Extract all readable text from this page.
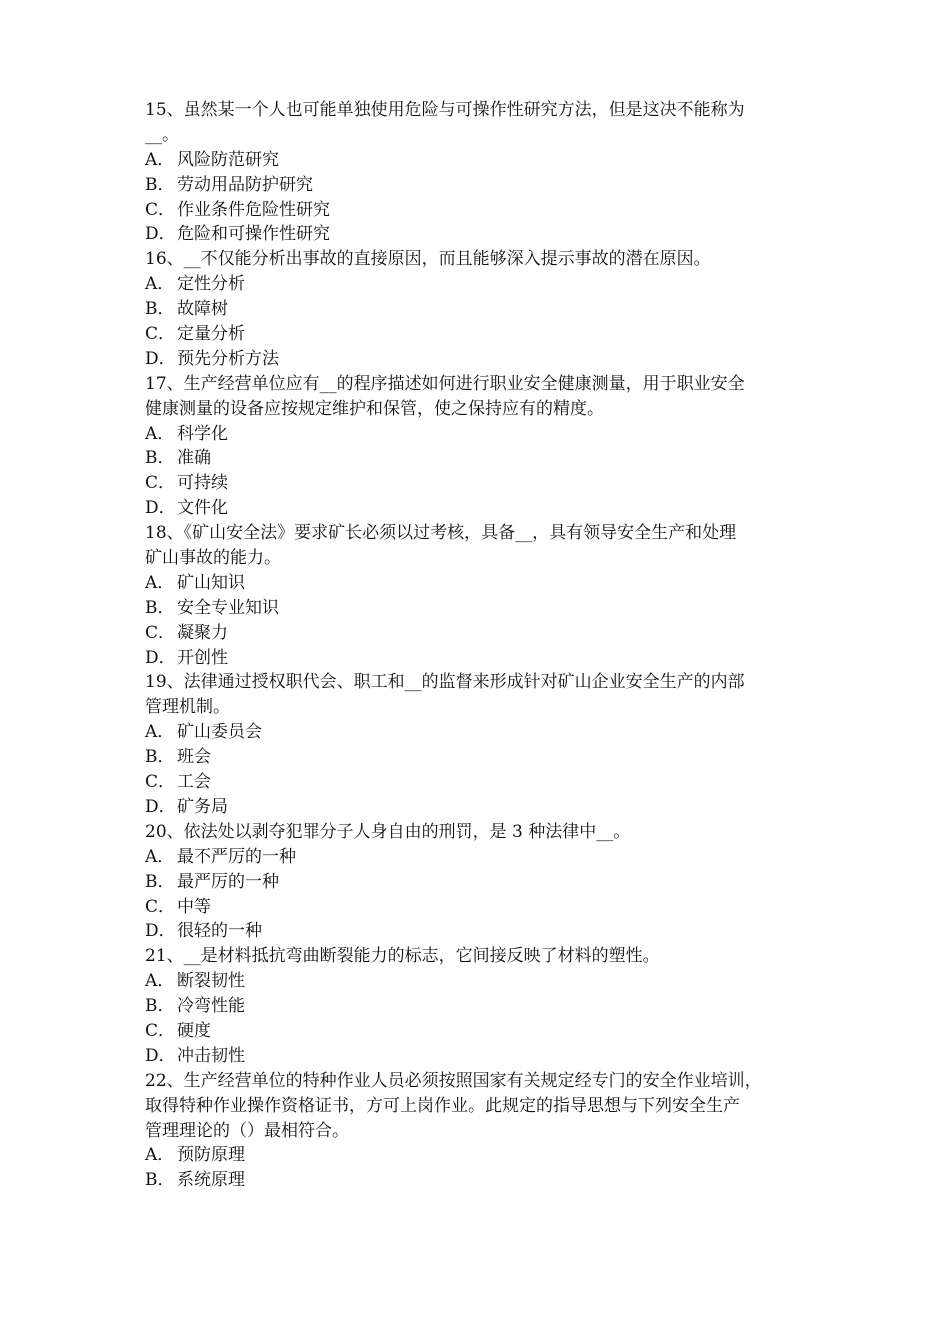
15、虽然某一个人也可能单独使用危险与可操作性研究方法，但是这决不能称为
__。
A． 风险防范研究
B． 劳动用品防护研究
C． 作业条件危险性研究
D．危险和可操作性研究
16、__不仅能分析出事故的直接原因，而且能够深入提示事故的潜在原因。
A． 定性分析
B． 故障树
C． 定量分析
D．预先分析方法
17、生产经营单位应有__的程序描述如何进行职业安全健康测量，用于职业安全
健康测量的设备应按规定维护和保管，使之保持应有的精度。
A． 科学化
B． 准确
C． 可持续
D．文件化
18、《矿山安全法》要求矿长必须以过考核，具备__，具有领导安全生产和处理
矿山事故的能力。
A． 矿山知识
B． 安全专业知识
C． 凝聚力
D．开创性
19、法律通过授权职代会、职工和__的监督来形成针对矿山企业安全生产的内部
管理机制。
A． 矿山委员会
B． 班会
C． 工会
D．矿务局
20、依法处以剥夺犯罪分子人身自由的刑罚，是 3 种法律中__。
A． 最不严厉的一种
B． 最严厉的一种
C． 中等
D．很轻的一种
21、__是材料抵抗弯曲断裂能力的标志，它间接反映了材料的塑性。
A． 断裂韧性
B． 冷弯性能
C． 硬度
D．冲击韧性
22、生产经营单位的特种作业人员必须按照国家有关规定经专门的安全作业培训，
取得特种作业操作资格证书，方可上岗作业。此规定的指导思想与下列安全生产
管理理论的（）最相符合。
A． 预防原理
B． 系统原理
